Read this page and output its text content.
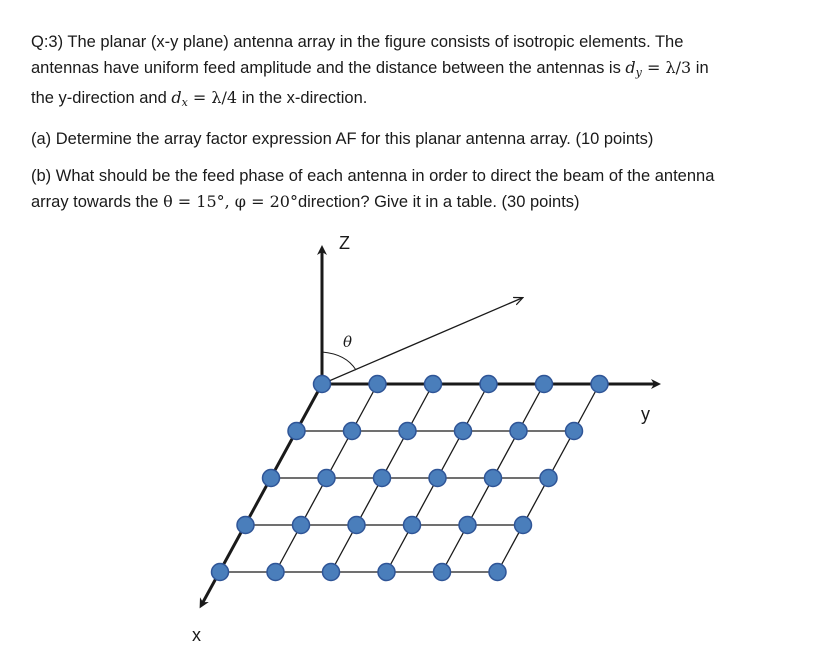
Q:3) The planar (x-y plane) antenna array in the figure consists of isotropic elements. The
antennas have uniform feed amplitude and the distance between the antennas is $d_y = \lambda/3$ in
the y-direction and $d_x = \lambda/4$ in the x-direction.

(a) Determine the array factor expression AF for this planar antenna array. (10 points)

(b) What should be the feed phase of each antenna in order to direct the beam of the antenna
array towards the θ = 15°, φ = 20°direction? Give it in a table. (30 points)

Z
y
x
θ
